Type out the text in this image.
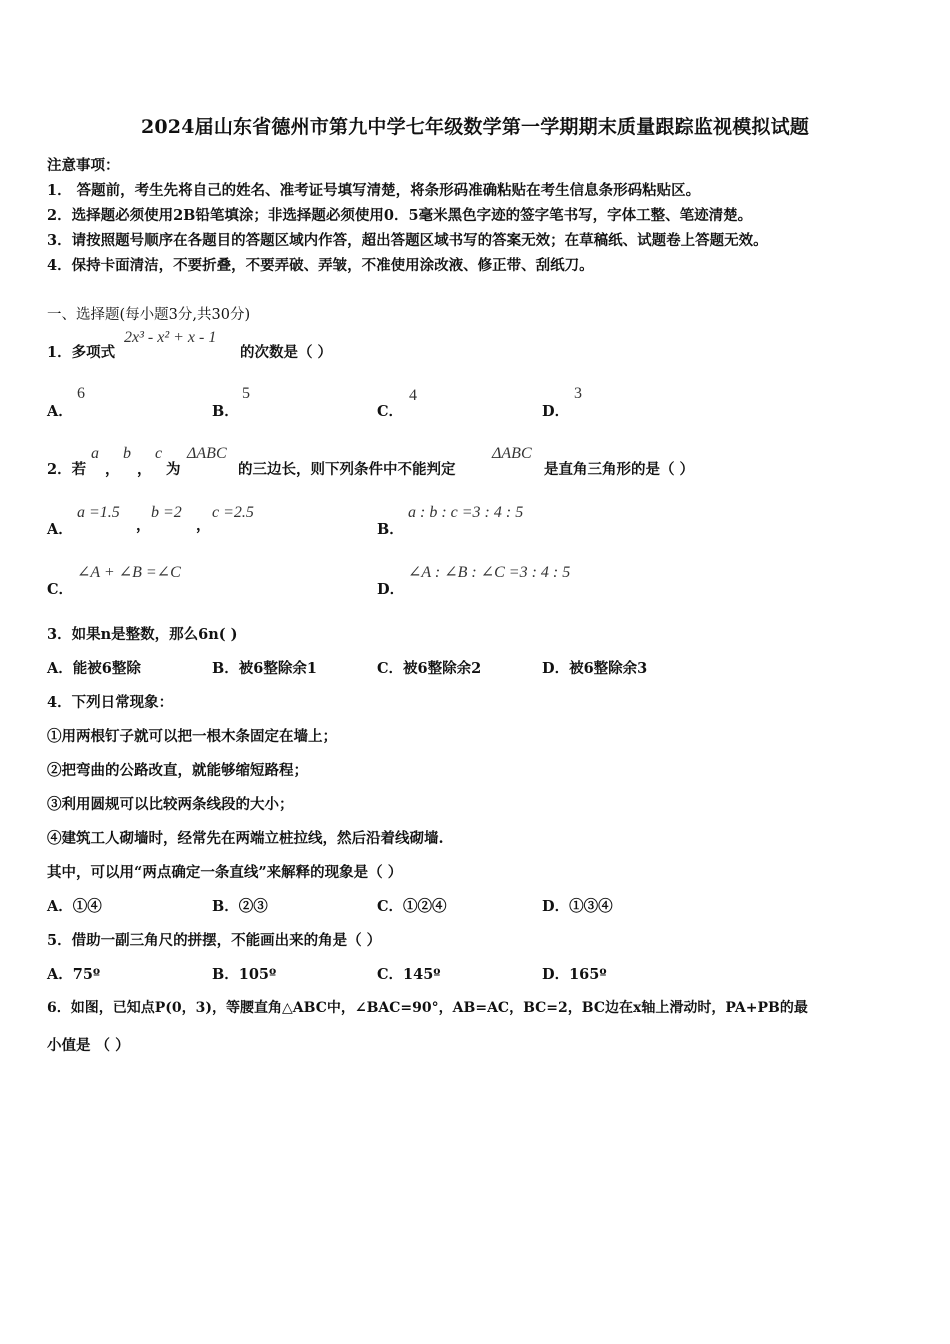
2024届山东省德州市第九中学七年级数学第一学期期末质量跟踪监视模拟试题
注意事项：
1． 答题前，考生先将自己的姓名、准考证号填写清楚，将条形码准确粘贴在考生信息条形码粘贴区。
2．选择题必须使用2B铅笔填涂；非选择题必须使用0．5毫米黑色字迹的签字笔书写，字体工整、笔迹清楚。
3．请按照题号顺序在各题目的答题区域内作答，超出答题区域书写的答案无效；在草稿纸、试题卷上答题无效。
4．保持卡面清洁，不要折叠，不要弄破、弄皱，不准使用涂改液、修正带、刮纸刀。
一、选择题(每小题3分,共30分)
1．多项式
2x³ - x² + x - 1
的次数是（ ）
A．
6
B．
5
C．
4
D．
3
2．若
a
，
b
，
c
为
ΔABC
的三边长，则下列条件中不能判定
ΔABC
是直角三角形的是（ ）
A．
a =1.5
，
b =2
，
c =2.5
B．
a : b : c =3 : 4 : 5
C．
∠A + ∠B =∠C
D．
∠A : ∠B : ∠C =3 : 4 : 5
3．如果n是整数，那么6n( )
A．能被6整除	B．被6整除余1	C．被6整除余2	D．被6整除余3
4．下列日常现象：
①用两根钉子就可以把一根木条固定在墙上；
②把弯曲的公路改直，就能够缩短路程；
③利用圆规可以比较两条线段的大小；
④建筑工人砌墙时，经常先在两端立桩拉线，然后沿着线砌墙.
其中，可以用“两点确定一条直线”来解释的现象是（ ）
A．①④	B．②③	C．①②④	D．①③④
5．借助一副三角尺的拼摆，不能画出来的角是（ ）
A．75º	B．105º	C．145º	D．165º
6．如图，已知点P(0，3)，等腰直角△ABC中，∠BAC=90°，AB=AC，BC=2，BC边在x轴上滑动时，PA+PB的最
小值是 （ ）
